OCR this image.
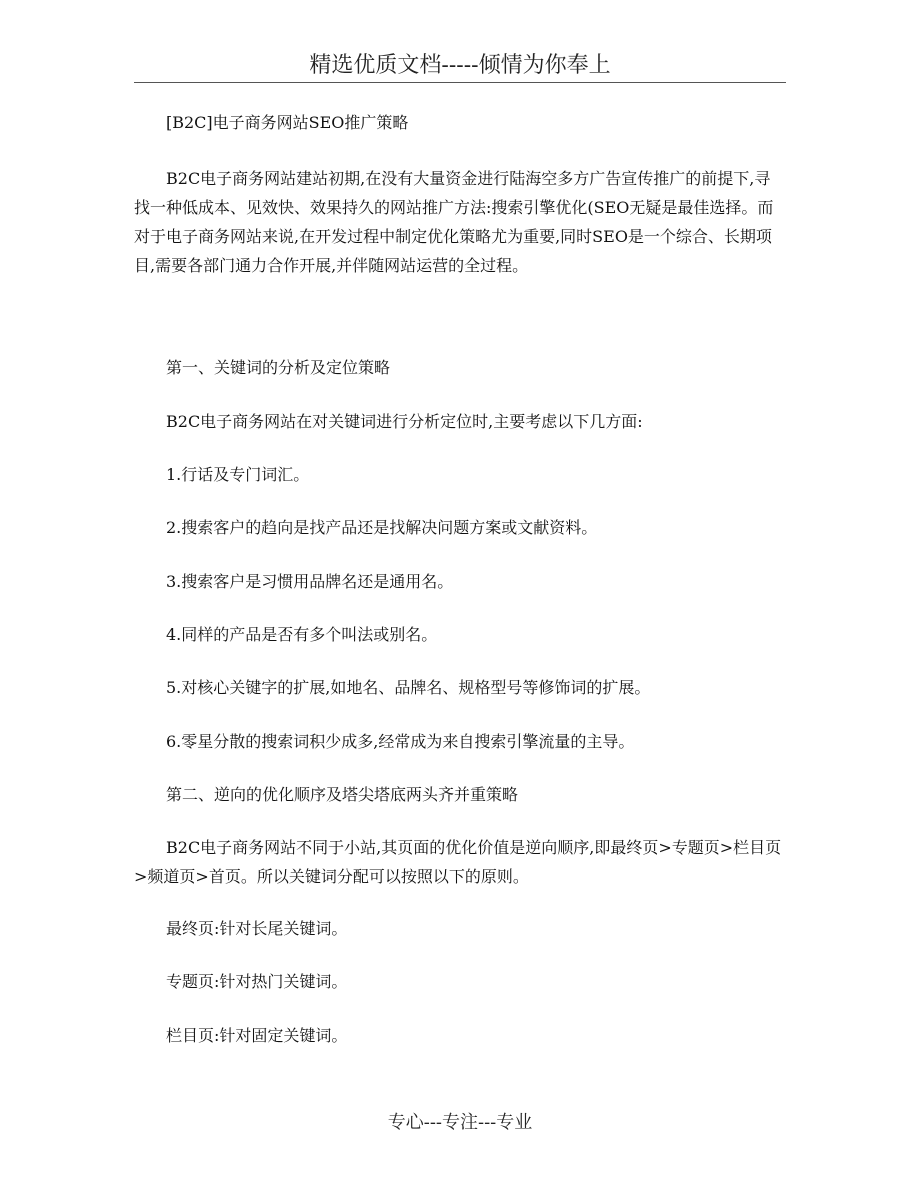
精选优质文档-----倾情为你奉上

[B2C]电子商务网站SEO推广策略

B2C电子商务网站建站初期,在没有大量资金进行陆海空多方广告宣传推广的前提下,寻找一种低成本、见效快、效果持久的网站推广方法:搜索引擎优化(SEO无疑是最佳选择。而对于电子商务网站来说,在开发过程中制定优化策略尤为重要,同时SEO是一个综合、长期项目,需要各部门通力合作开展,并伴随网站运营的全过程。

第一、关键词的分析及定位策略

B2C电子商务网站在对关键词进行分析定位时,主要考虑以下几方面:

1.行话及专门词汇。

2.搜索客户的趋向是找产品还是找解决问题方案或文献资料。

3.搜索客户是习惯用品牌名还是通用名。

4.同样的产品是否有多个叫法或别名。

5.对核心关键字的扩展,如地名、品牌名、规格型号等修饰词的扩展。

6.零星分散的搜索词积少成多,经常成为来自搜索引擎流量的主导。

第二、逆向的优化顺序及塔尖塔底两头齐并重策略

B2C电子商务网站不同于小站,其页面的优化价值是逆向顺序,即最终页>专题页>栏目页>频道页>首页。所以关键词分配可以按照以下的原则。

最终页:针对长尾关键词。

专题页:针对热门关键词。

栏目页:针对固定关键词。

专心---专注---专业
